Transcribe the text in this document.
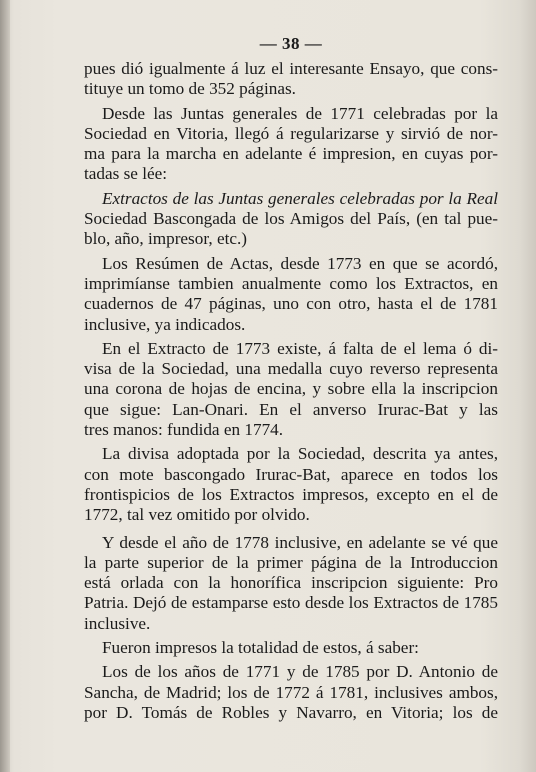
— 38 —
pues dió igualmente á luz el interesante Ensayo, que cons-
tituye un tomo de 352 páginas.
Desde las Juntas generales de 1771 celebradas por la
Sociedad en Vitoria, llegó á regularizarse y sirvió de nor-
ma para la marcha en adelante é impresion, en cuyas por-
tadas se lée:
Extractos de las Juntas generales celebradas por la Real
Sociedad Bascongada de los Amigos del País, (en tal pue-
blo, año, impresor, etc.)
Los Resúmen de Actas, desde 1773 en que se acordó,
imprimíanse tambien anualmente como los Extractos, en
cuadernos de 47 páginas, uno con otro, hasta el de 1781
inclusive, ya indicados.
En el Extracto de 1773 existe, á falta de el lema ó di-
visa de la Sociedad, una medalla cuyo reverso representa
una corona de hojas de encina, y sobre ella la inscripcion
que sigue: Lan-Onari. En el anverso Irurac-Bat y las
tres manos: fundida en 1774.
La divisa adoptada por la Sociedad, descrita ya antes,
con mote bascongado Irurac-Bat, aparece en todos los
frontispicios de los Extractos impresos, excepto en el de
1772, tal vez omitido por olvido.
Y desde el año de 1778 inclusive, en adelante se vé que
la parte superior de la primer página de la Introduccion
está orlada con la honorífica inscripcion siguiente: Pro
Patria. Dejó de estamparse esto desde los Extractos de 1785
inclusive.
Fueron impresos la totalidad de estos, á saber:
Los de los años de 1771 y de 1785 por D. Antonio de
Sancha, de Madrid; los de 1772 á 1781, inclusives ambos,
por D. Tomás de Robles y Navarro, en Vitoria; los de
